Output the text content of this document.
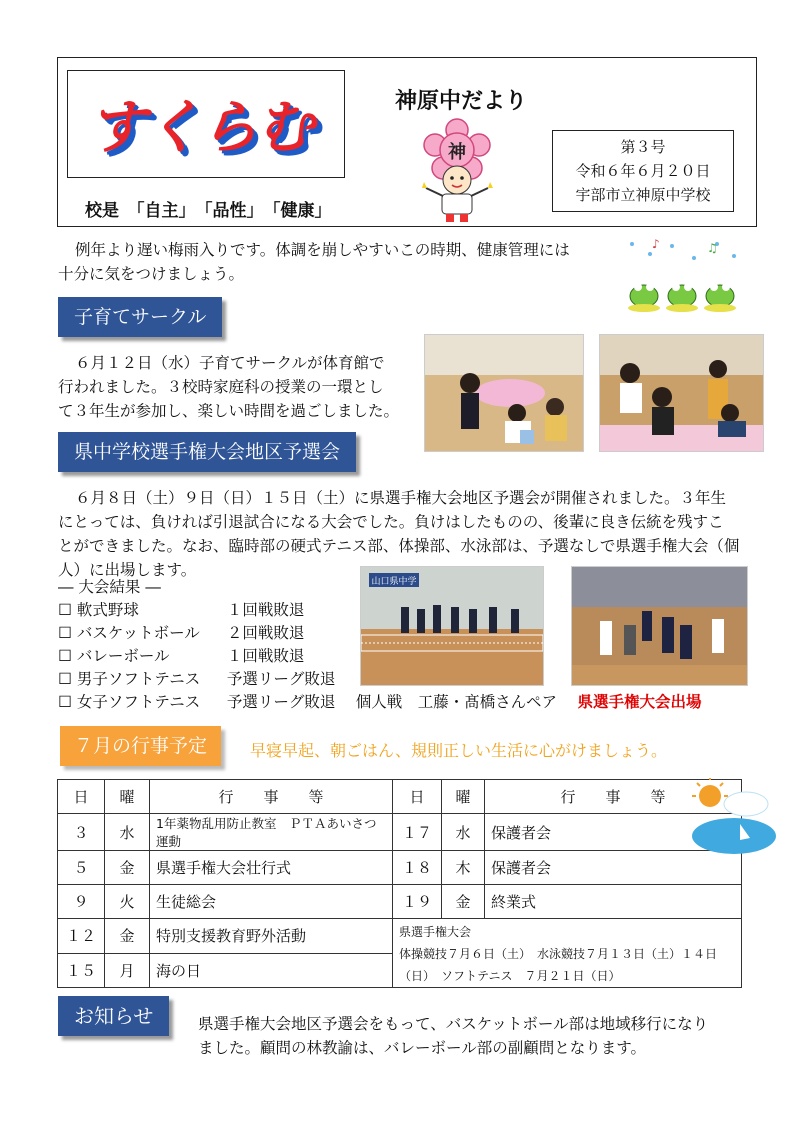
すくらむ	神原中だより
校是　「自主」　「品性」　「健康」
神	第３号
令和６年６月２０日
宇部市立神原中学校
例年より遅い梅雨入りです。体調を崩しやすいこの時期、健康管理には
十分に気をつけましょう。
♪	♫
子育てサークル
６月１２日（水）子育てサークルが体育館で
行われました。３校時家庭科の授業の一環とし
て３年生が参加し、楽しい時間を過ごしました。
県中学校選手権大会地区予選会
６月８日（土）９日（日）１５日（土）に県選手権大会地区予選会が開催されました。３年生
にとっては、負ければ引退試合になる大会でした。負けはしたものの、後輩に良き伝統を残すこ
とができました。なお、臨時部の硬式テニス部、体操部、水泳部は、予選なしで県選手権大会（個
人）に出場します。
― 大会結果 ―
☐ 軟式野球	１回戦敗退
☐ バスケットボール ２回戦敗退
☐ バレーボール	１回戦敗退
☐ 男子ソフトテニス 予選リーグ敗退
☐ 女子ソフトテニス 予選リーグ敗退　 個人戦　工藤・髙橋さんペア　 県選手権大会出場
山口県中学
７月の行事予定	早寝早起、朝ごはん、規則正しい生活に心がけましょう。
日	曜	行　　事　　等	日	曜	行　　事　　等
３	水	1年薬物乱用防止教室　ＰＴＡあいさつ運動	１７	水	保護者会
５	金	県選手権大会壮行式	１８	木	保護者会
９	火	生徒総会	１９	金	終業式
１２	金	特別支援教育野外活動	県選手権大会
体操競技７月６日（土）　水泳競技７月１３日（土）１４日
（日）　ソフトテニス　７月２１日（日）		

１５	月	海の日			
お知らせ	県選手権大会地区予選会をもって、バスケットボール部は地域移行になり
ました。顧問の林教諭は、バレーボール部の副顧問となります。
